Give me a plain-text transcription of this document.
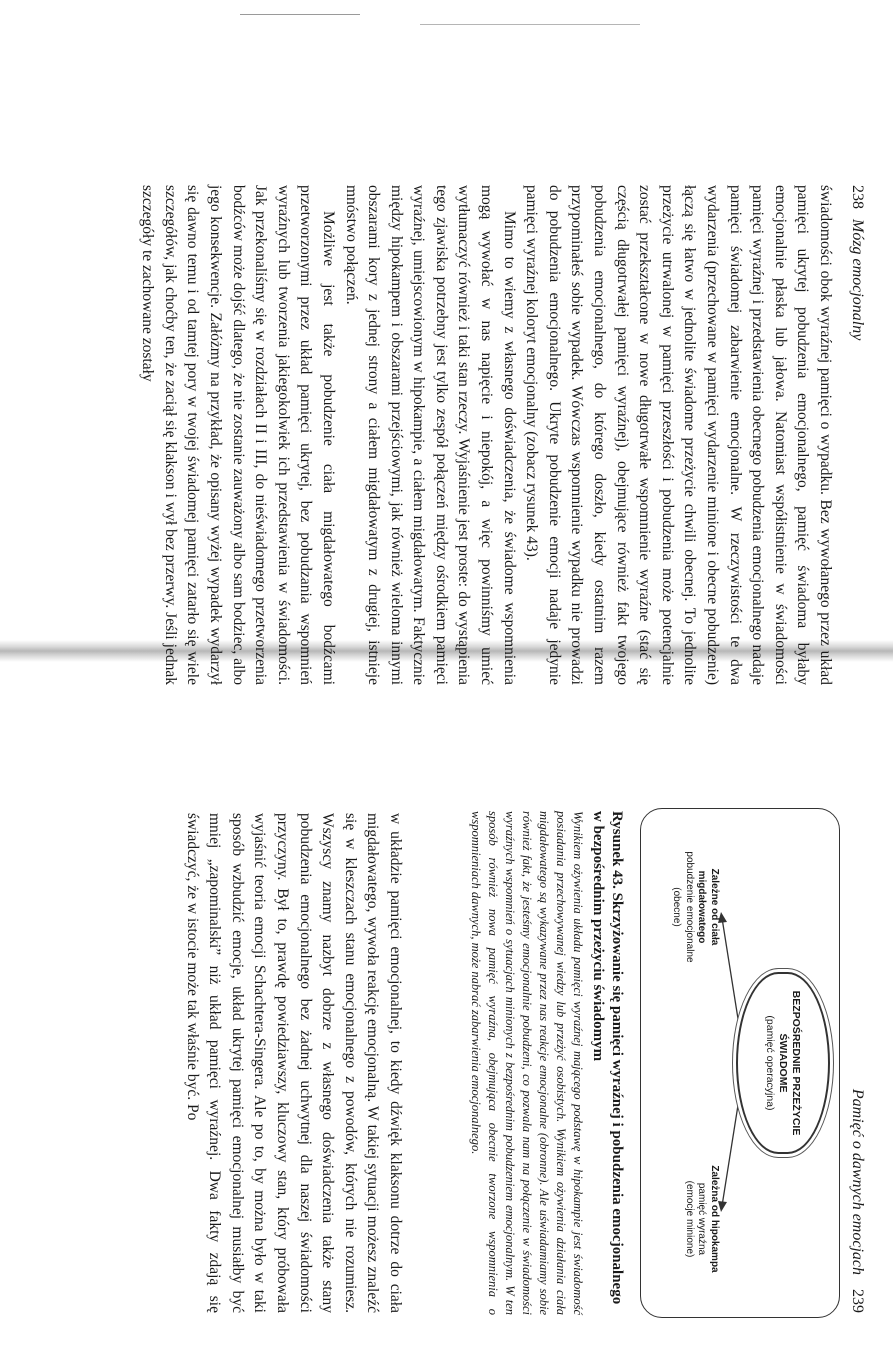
238
Mózg emocjonalny

świadomości obok wyraźnej pamięci o wypadku. Bez wywołanego przez układ pamięci ukrytej pobudzenia emocjonalnego, pamięć świadoma byłaby emocjonalnie płaska lub jałowa. Natomiast współistnienie w świadomości pamięci wyraźnej i przedstawienia obecnego pobudzenia emocjonalnego nadaje pamięci świadomej zabarwienie emocjonalne. W rzeczywistości te dwa wydarzenia (przechowane w pamięci wydarzenie minione i obecne pobudzenie) łączą się łatwo w jednolite świadome przeżycie chwili obecnej. To jednolite przeżycie utrwalonej w pamięci przeszłości i pobudzenia może potencjalnie zostać przekształcone w nowe długotrwałe wspomnienie wyraźne (stać się częścią długotrwałej pamięci wyraźnej), obejmujące również fakt twojego pobudzenia emocjonalnego, do którego doszło, kiedy ostatnim razem przypominałeś sobie wypadek. Wówczas wspomnienie wypadku nie prowadzi do pobudzenia emocjonalnego. Ukryte pobudzenie emocji nadaje jedynie pamięci wyraźnej koloryt emocjonalny (zobacz rysunek 43).

Mimo to wiemy z własnego doświadczenia, że świadome wspomnienia mogą wywołać w nas napięcie i niepokój, a więc powinniśmy umieć wytłumaczyć również i taki stan rzeczy. Wyjaśnienie jest proste: do wystąpienia tego zjawiska potrzebny jest tylko zespół połączeń między ośrodkiem pamięci wyraźnej, umiejscowionym w hipokampie, a ciałem migdałowatym. Faktycznie między hipokampem i obszarami przejściowymi, jak również wieloma innymi obszarami kory z jednej strony a ciałem migdałowatym z drugiej, istnieje mnóstwo połączeń.

Możliwe jest także pobudzenie ciała migdałowatego bodźcami przetworzonymi przez układ pamięci ukrytej, bez pobudzania wspomnień wyraźnych lub tworzenia jakiegokolwiek ich przedstawienia w świadomości. Jak przekonaliśmy się w rozdziałach II i III, do nieświadomego przetworzenia bodźców może dojść dlatego, że nie zostanie zauważony albo sam bodziec, albo jego konsekwencje. Załóżmy na przykład, że opisany wyżej wypadek wydarzył się dawno temu i od tamtej pory w twojej świadomej pamięci zatarło się wiele szczegółów, jak choćby ten, że zaciął się klakson i wył bez przerwy. Jeśli jednak szczegóły te zachowane zostały

Pamięć o dawnych emocjach
239
BEZPOŚREDNIE PRZEŻYCIE ŚWIADOME
(pamięć operacyjna)
Zależne od ciała migdałowatego
pobudzenie emocjonalne
(obecne)
Zależna od hipokampa
pamięć wyraźna
(emocje minione)
Rysunek 43. Skrzyżowanie się pamięci wyraźnej i pobudzenia emocjonalnego w bezpośrednim przeżyciu świadomym
Wynikiem ożywienia układu pamięci wyraźnej mającego podstawę w hipokampie jest świadomość posiadania przechowywanej wiedzy lub przeżyć osobistych. Wynikiem ożywienia działania ciała migdałowatego są wykazywane przez nas reakcje emocjonalne (obronne). Ale uświadamiamy sobie również fakt, że jesteśmy emocjonalnie pobudzeni, co pozwala nam na połączenie w świadomości wyraźnych wspomnień o sytuacjach minionych z bezpośrednim pobudzeniem emocjonalnym. W ten sposób również nowa pamięć wyraźna, obejmująca obecnie tworzone wspomnienia o wspomnieniach dawnych, może nabrać zabarwienia emocjonalnego.

w układzie pamięci emocjonalnej, to kiedy dźwięk klaksonu dotrze do ciała migdałowatego, wywoła reakcję emocjonalną. W takiej sytuacji możesz znaleźć się w kleszczach stanu emocjonalnego z powodów, których nie rozumiesz. Wszyscy znamy nazbyt dobrze z własnego doświadczenia także stany pobudzenia emocjonalnego bez żadnej uchwytnej dla naszej świadomości przyczyny. Był to, prawdę powiedziawszy, kluczowy stan, który próbowała wyjaśnić teoria emocji Schachtera-Singera. Ale po to, by można było w taki sposób wzbudzić emocje, układ ukrytej pamięci emocjonalnej musiałby być mniej „zapominalski” niż układ pamięci wyraźnej. Dwa fakty zdają się świadczyć, że w istocie może tak właśnie być. Po
